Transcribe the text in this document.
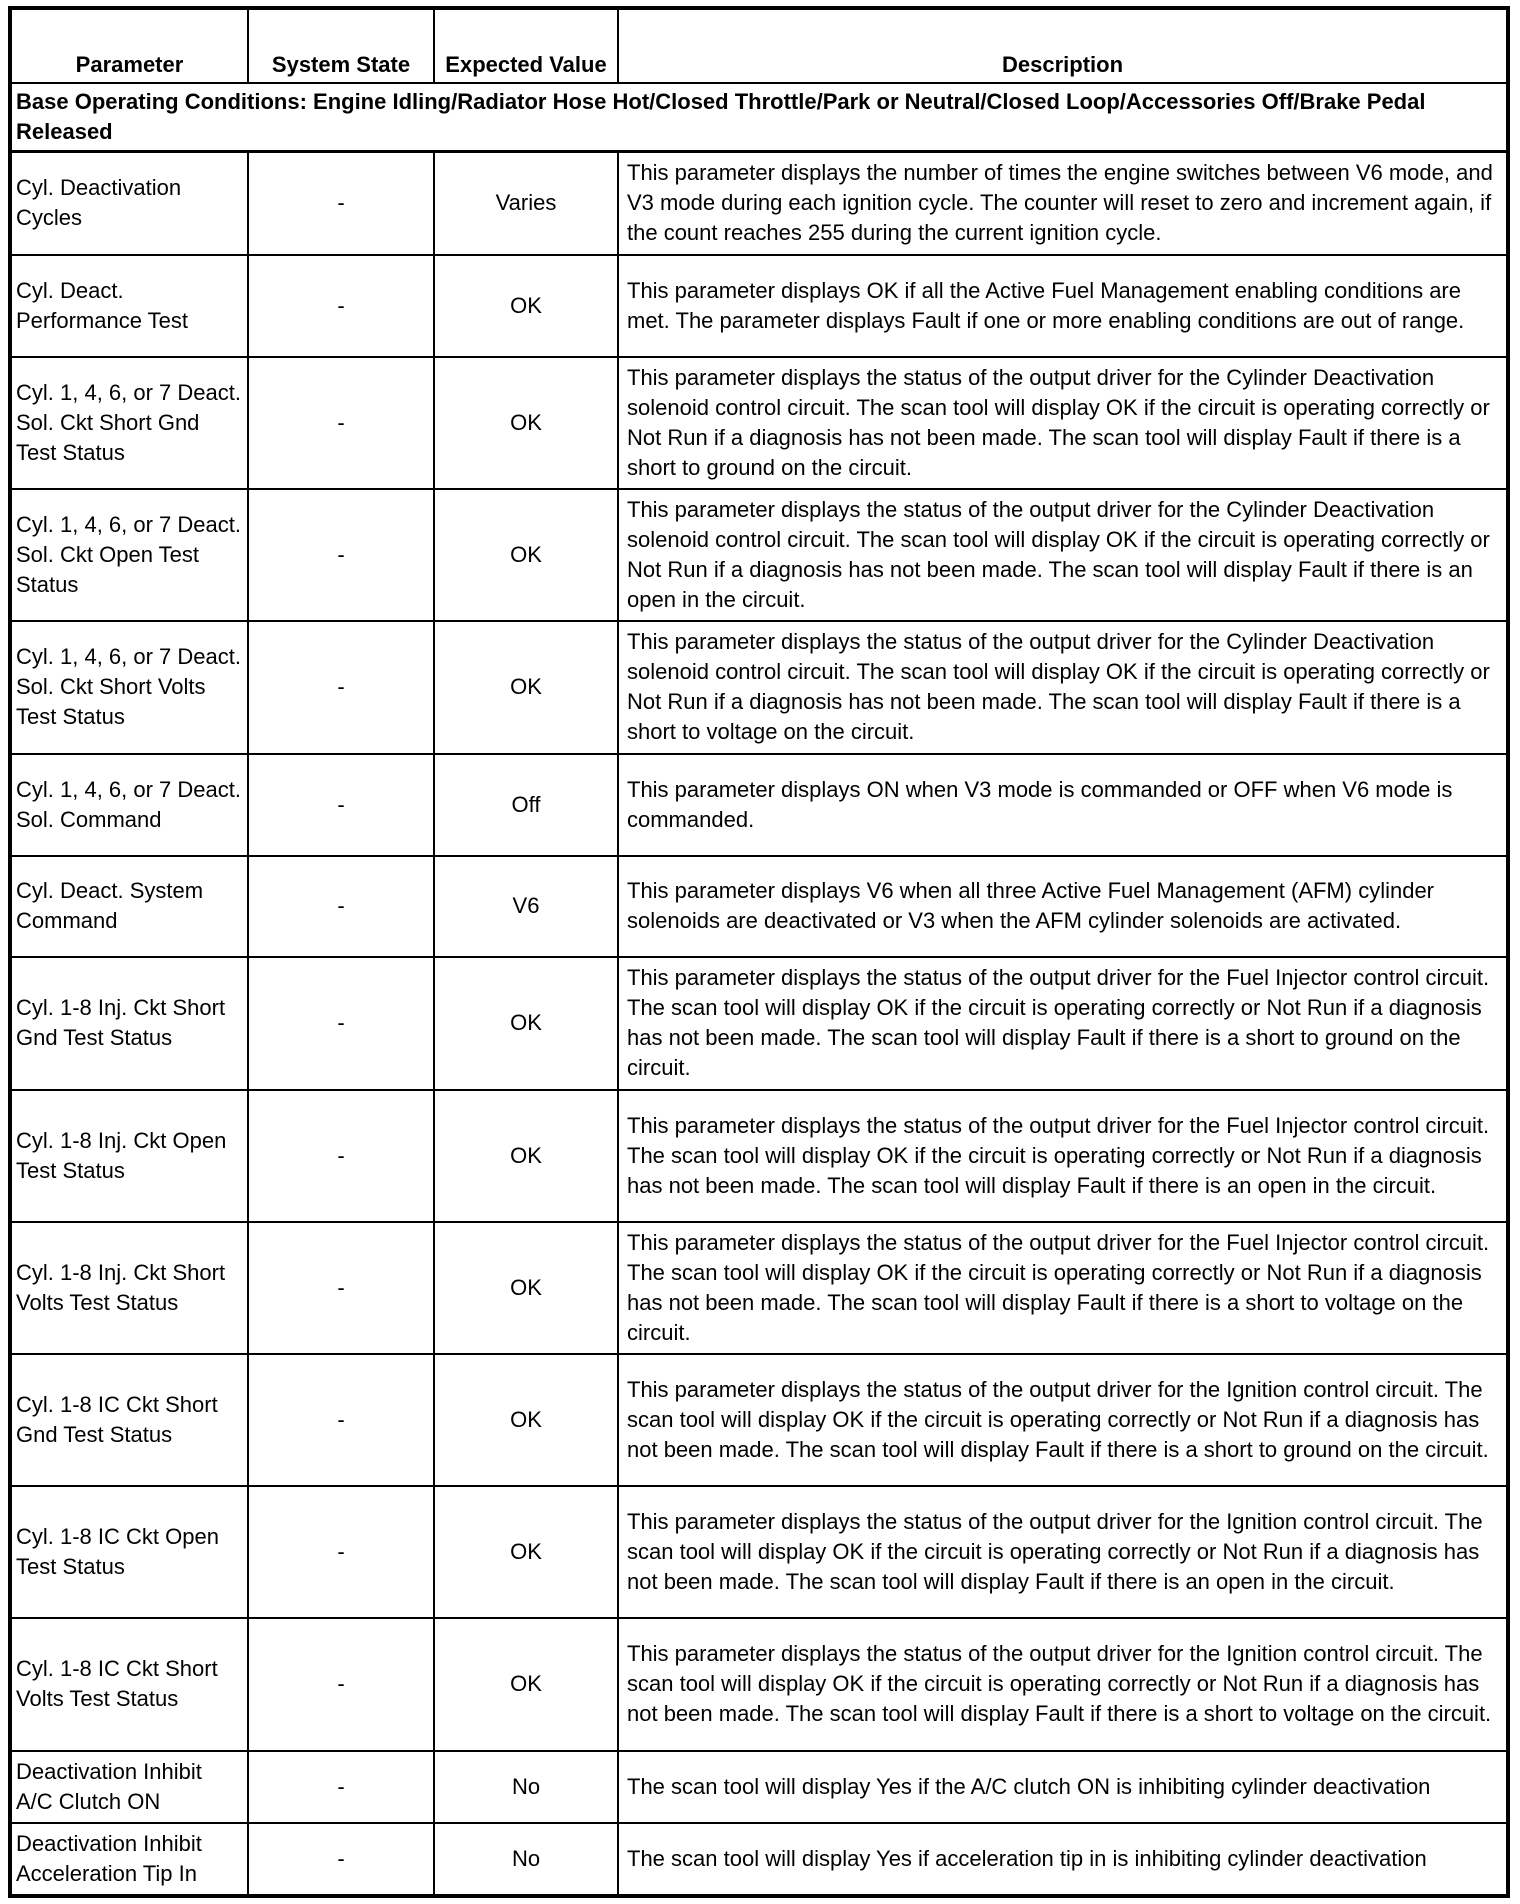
Parameter	System State	Expected Value	Description
Base Operating Conditions: Engine Idling/Radiator Hose Hot/Closed Throttle/Park or Neutral/Closed Loop/Accessories Off/Brake Pedal Released			
Cyl. Deactivation Cycles	-	Varies	This parameter displays the number of times the engine switches between V6 mode, and V3 mode during each ignition cycle. The counter will reset to zero and increment again, if the count reaches 255 during the current ignition cycle.
Cyl. Deact. Performance Test	-	OK	This parameter displays OK if all the Active Fuel Management enabling conditions are met. The parameter displays Fault if one or more enabling conditions are out of range.
Cyl. 1, 4, 6, or 7 Deact. Sol. Ckt Short Gnd Test Status	-	OK	This parameter displays the status of the output driver for the Cylinder Deactivation solenoid control circuit. The scan tool will display OK if the circuit is operating correctly or Not Run if a diagnosis has not been made. The scan tool will display Fault if there is a short to ground on the circuit.
Cyl. 1, 4, 6, or 7 Deact. Sol. Ckt Open Test Status	-	OK	This parameter displays the status of the output driver for the Cylinder Deactivation solenoid control circuit. The scan tool will display OK if the circuit is operating correctly or Not Run if a diagnosis has not been made. The scan tool will display Fault if there is an open in the circuit.
Cyl. 1, 4, 6, or 7 Deact. Sol. Ckt Short Volts Test Status	-	OK	This parameter displays the status of the output driver for the Cylinder Deactivation solenoid control circuit. The scan tool will display OK if the circuit is operating correctly or Not Run if a diagnosis has not been made. The scan tool will display Fault if there is a short to voltage on the circuit.
Cyl. 1, 4, 6, or 7 Deact. Sol. Command	-	Off	This parameter displays ON when V3 mode is commanded or OFF when V6 mode is commanded.
Cyl. Deact. System Command	-	V6	This parameter displays V6 when all three Active Fuel Management (AFM) cylinder solenoids are deactivated or V3 when the AFM cylinder solenoids are activated.
Cyl. 1-8 Inj. Ckt Short Gnd Test Status	-	OK	This parameter displays the status of the output driver for the Fuel Injector control circuit. The scan tool will display OK if the circuit is operating correctly or Not Run if a diagnosis has not been made. The scan tool will display Fault if there is a short to ground on the circuit.
Cyl. 1-8 Inj. Ckt Open Test Status	-	OK	This parameter displays the status of the output driver for the Fuel Injector control circuit. The scan tool will display OK if the circuit is operating correctly or Not Run if a diagnosis has not been made. The scan tool will display Fault if there is an open in the circuit.
Cyl. 1-8 Inj. Ckt Short Volts Test Status	-	OK	This parameter displays the status of the output driver for the Fuel Injector control circuit. The scan tool will display OK if the circuit is operating correctly or Not Run if a diagnosis has not been made. The scan tool will display Fault if there is a short to voltage on the circuit.
Cyl. 1-8 IC Ckt Short Gnd Test Status	-	OK	This parameter displays the status of the output driver for the Ignition control circuit. The scan tool will display OK if the circuit is operating correctly or Not Run if a diagnosis has not been made. The scan tool will display Fault if there is a short to ground on the circuit.
Cyl. 1-8 IC Ckt Open Test Status	-	OK	This parameter displays the status of the output driver for the Ignition control circuit. The scan tool will display OK if the circuit is operating correctly or Not Run if a diagnosis has not been made. The scan tool will display Fault if there is an open in the circuit.
Cyl. 1-8 IC Ckt Short Volts Test Status	-	OK	This parameter displays the status of the output driver for the Ignition control circuit. The scan tool will display OK if the circuit is operating correctly or Not Run if a diagnosis has not been made. The scan tool will display Fault if there is a short to voltage on the circuit.
Deactivation Inhibit A/C Clutch ON	-	No	The scan tool will display Yes if the A/C clutch ON is inhibiting cylinder deactivation
Deactivation Inhibit Acceleration Tip In	-	No	The scan tool will display Yes if acceleration tip in is inhibiting cylinder deactivation
